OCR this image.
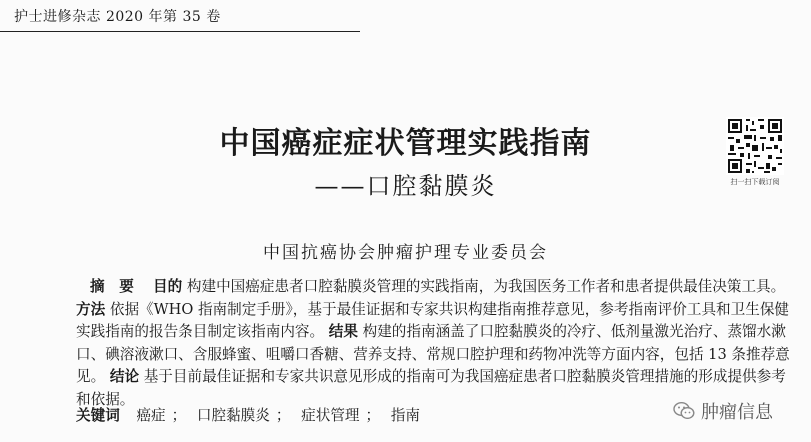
护士进修杂志 2020 年第 35 卷
扫一扫下载订阅
中国癌症症状管理实践指南
——口腔黏膜炎
中国抗癌协会肿瘤护理专业委员会

摘　要　 目的 构建中国癌症患者口腔黏膜炎管理的实践指南，为我国医务工作者和患者提供最佳决策工具。 方法 依据《WHO 指南制定手册》，基于最佳证据和专家共识构建指南推荐意见，参考指南评价工具和卫生保健实践指南的报告条目制定该指南内容。 结果 构建的指南涵盖了口腔黏膜炎的冷疗、低剂量激光治疗、蒸馏水漱口、碘溶液漱口、含服蜂蜜、咀嚼口香糖、营养支持、常规口腔护理和药物冲洗等方面内容，包括 13 条推荐意见。 结论 基于目前最佳证据和专家共识意见形成的指南可为我国癌症患者口腔黏膜炎管理措施的形成提供参考和依据。

关键词 癌症 ； 口腔黏膜炎 ； 症状管理 ； 指南	肿瘤信息
